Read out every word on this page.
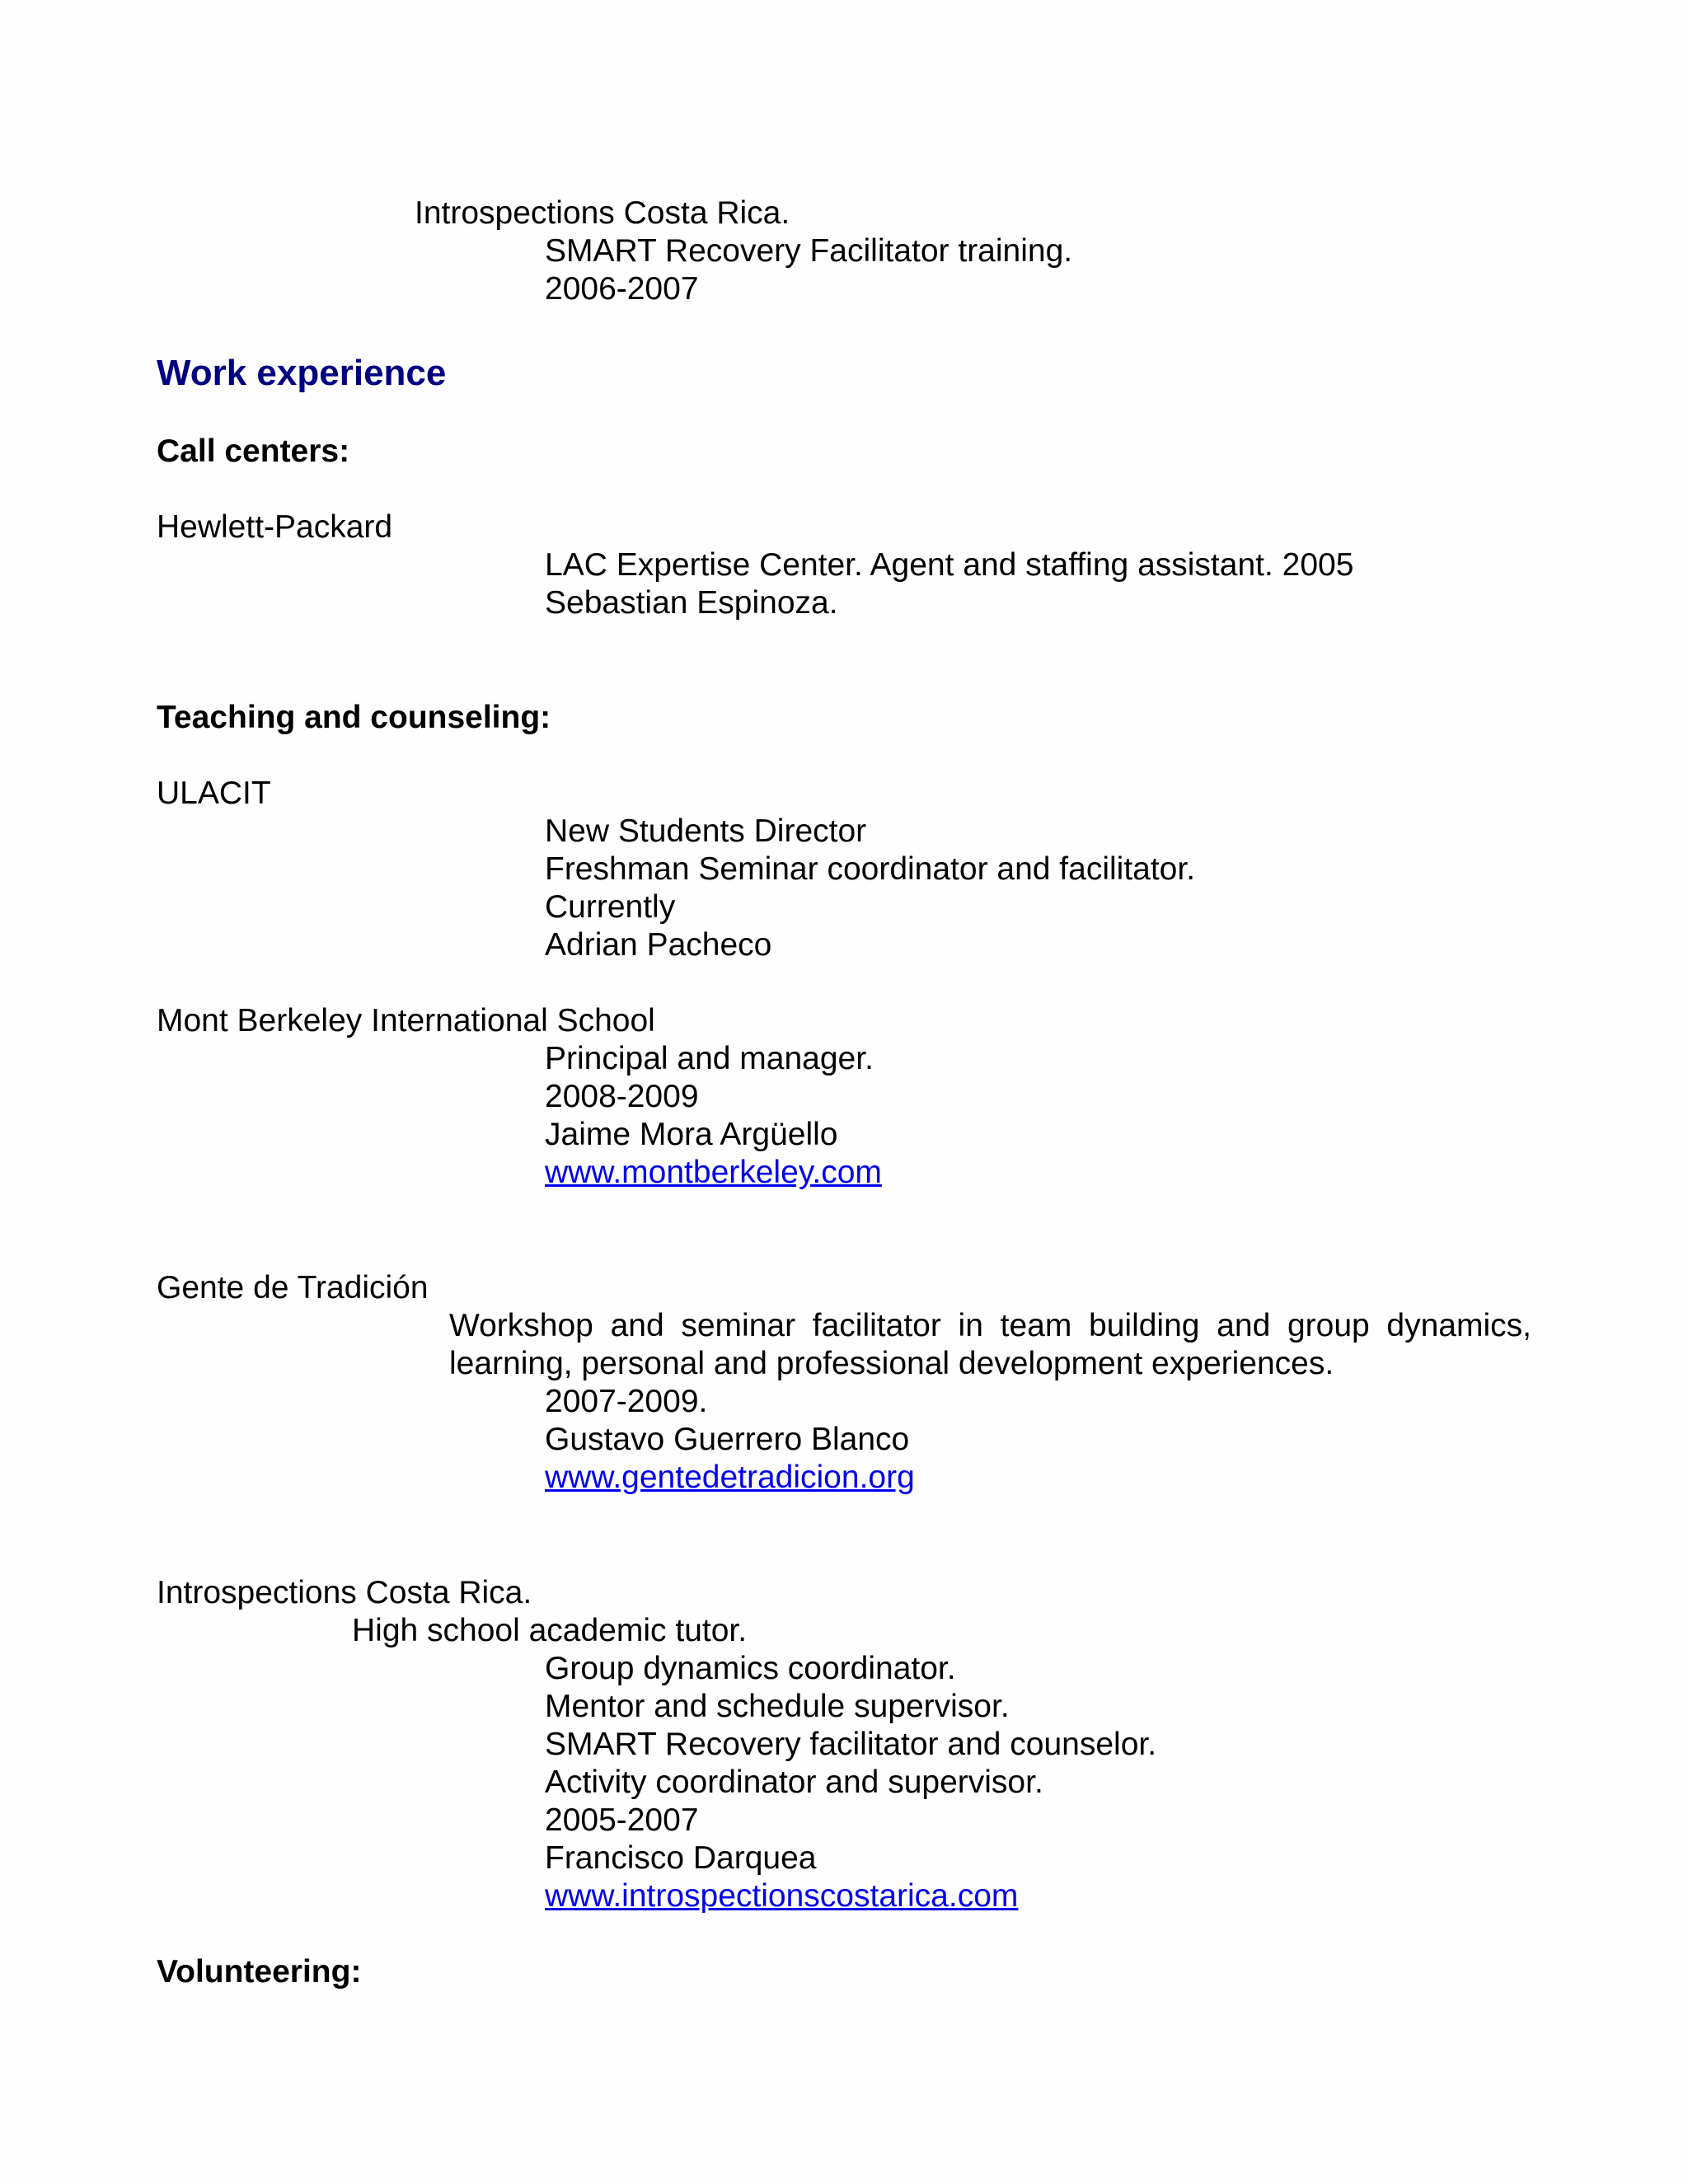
Introspections Costa Rica.
SMART Recovery Facilitator training.
2006-2007
Work experience
Call centers:
Hewlett-Packard
LAC Expertise Center. Agent and staffing assistant. 2005
Sebastian Espinoza.
Teaching and counseling:
ULACIT
New Students Director
Freshman Seminar coordinator and facilitator.
Currently
Adrian Pacheco
Mont Berkeley International School
Principal and manager.
2008-2009
Jaime Mora Argüello
www.montberkeley.com
Gente de Tradición
Workshop and seminar facilitator in team building and group dynamics,
learning, personal and professional development experiences.
2007-2009.
Gustavo Guerrero Blanco
www.gentedetradicion.org
Introspections Costa Rica.
High school academic tutor.
Group dynamics coordinator.
Mentor and schedule supervisor.
SMART Recovery facilitator and counselor.
Activity coordinator and supervisor.
2005-2007
Francisco Darquea
www.introspectionscostarica.com
Volunteering:
